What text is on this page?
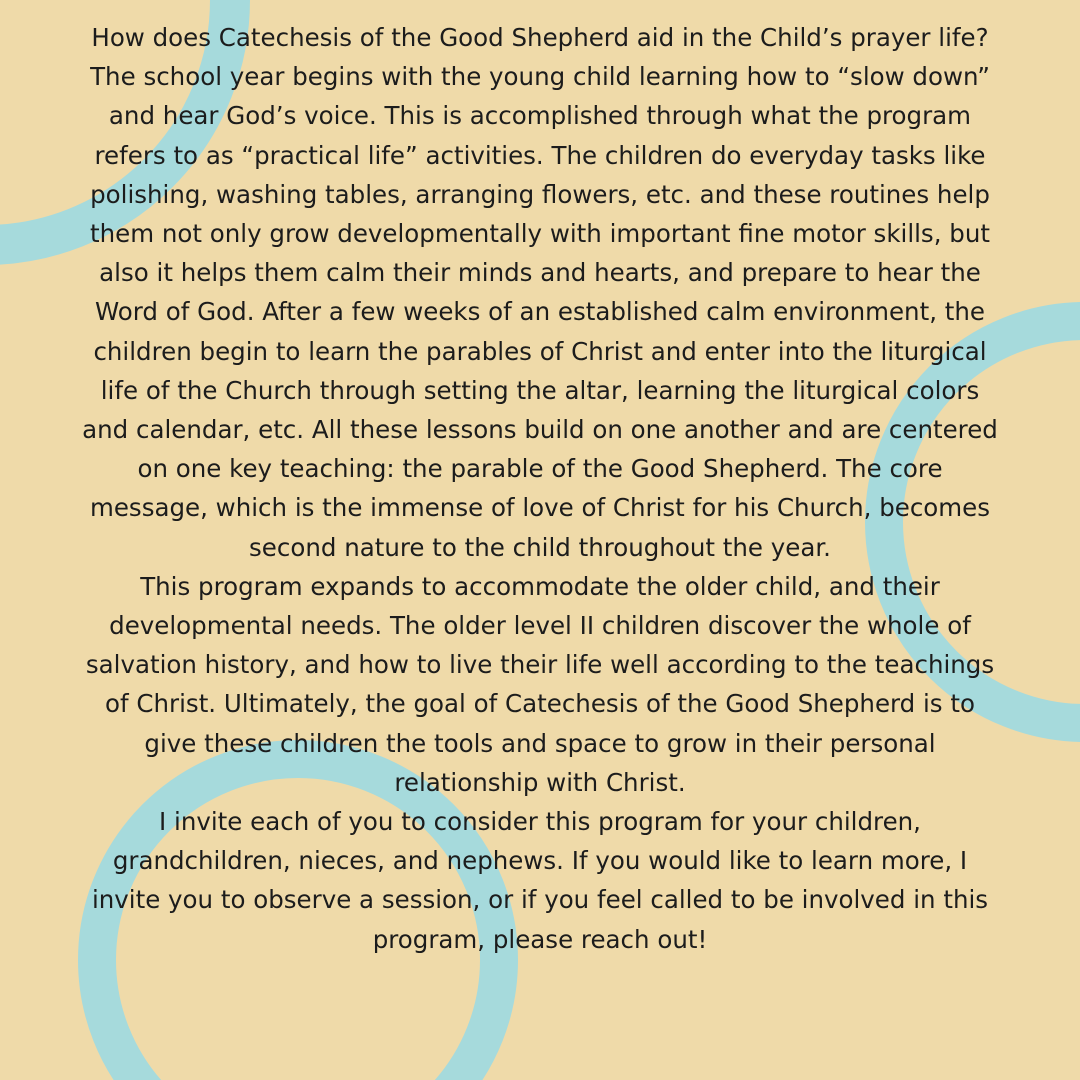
How does Catechesis of the Good Shepherd aid in the Child’s prayer life? The school year begins with the young child learning how to “slow down” and hear God’s voice. This is accomplished through what the program refers to as “practical life” activities. The children do everyday tasks like polishing, washing tables, arranging flowers, etc. and these routines help them not only grow developmentally with important fine motor skills, but also it helps them calm their minds and hearts, and prepare to hear the Word of God. After a few weeks of an established calm environment, the children begin to learn the parables of Christ and enter into the liturgical life of the Church through setting the altar, learning the liturgical colors and calendar, etc. All these lessons build on one another and are centered on one key teaching: the parable of the Good Shepherd. The core message, which is the immense of love of Christ for his Church, becomes second nature to the child throughout the year.

This program expands to accommodate the older child, and their developmental needs. The older level II children discover the whole of salvation history, and how to live their life well according to the teachings of Christ. Ultimately, the goal of Catechesis of the Good Shepherd is to give these children the tools and space to grow in their personal relationship with Christ.

I invite each of you to consider this program for your children, grandchildren, nieces, and nephews. If you would like to learn more, I invite you to observe a session, or if you feel called to be involved in this program, please reach out!
